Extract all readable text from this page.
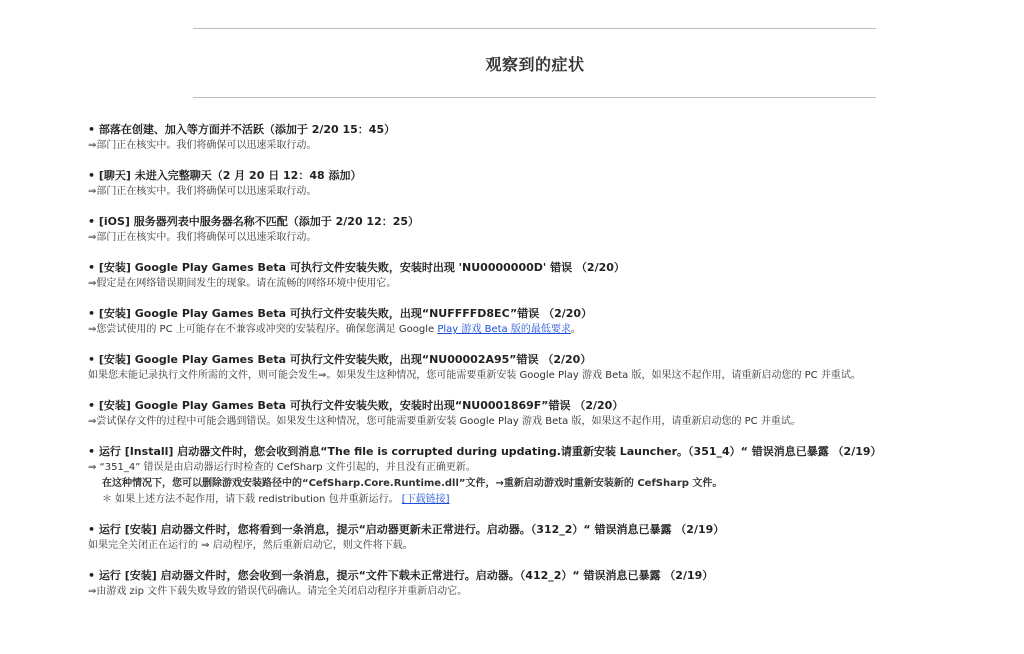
观察到的症状
• 部落在创建、加入等方面并不活跃（添加于 2/20 15：45）
⇒部门正在核实中。我们将确保可以迅速采取行动。
• [聊天] 未进入完整聊天（2 月 20 日 12：48 添加）
⇒部门正在核实中。我们将确保可以迅速采取行动。
• [iOS] 服务器列表中服务器名称不匹配（添加于 2/20 12：25）
⇒部门正在核实中。我们将确保可以迅速采取行动。
• [安装] Google Play Games Beta 可执行文件安装失败，安装时出现 'NU0000000D' 错误 （2/20）
⇒假定是在网络错误期间发生的现象。请在流畅的网络环境中使用它。
• [安装] Google Play Games Beta 可执行文件安装失败，出现“NUFFFFD8EC”错误 （2/20）
⇒您尝试使用的 PC 上可能存在不兼容或冲突的安装程序。确保您满足 Google Play 游戏 Beta 版的最低要求。
• [安装] Google Play Games Beta 可执行文件安装失败，出现“NU00002A95”错误 （2/20）
如果您未能记录执行文件所需的文件，则可能会发生⇒。如果发生这种情况，您可能需要重新安装 Google Play 游戏 Beta 版，如果这不起作用，请重新启动您的 PC 并重试。
• [安装] Google Play Games Beta 可执行文件安装失败，安装时出现“NU0001869F”错误 （2/20）
⇒尝试保存文件的过程中可能会遇到错误。如果发生这种情况，您可能需要重新安装 Google Play 游戏 Beta 版，如果这不起作用，请重新启动您的 PC 并重试。
• 运行 [Install] 启动器文件时，您会收到消息“The file is corrupted during updating.请重新安装 Launcher。（351_4）“ 错误消息已暴露 （2/19）
⇒ “351_4” 错误是由启动器运行时检查的 CefSharp 文件引起的，并且没有正确更新。
在这种情况下，您可以删除游戏安装路径中的“CefSharp.Core.Runtime.dll”文件，→重新启动游戏时重新安装新的 CefSharp 文件。
＊ 如果上述方法不起作用，请下载 redistribution 包并重新运行。 [下载链接]
• 运行 [安装] 启动器文件时，您将看到一条消息，提示“启动器更新未正常进行。启动器。（312_2）“ 错误消息已暴露 （2/19）
如果完全关闭正在运行的 ⇒ 启动程序，然后重新启动它，则文件将下载。
• 运行 [安装] 启动器文件时，您会收到一条消息，提示“文件下载未正常进行。启动器。（412_2）“ 错误消息已暴露 （2/19）
⇒由游戏 zip 文件下载失败导致的错误代码确认。请完全关闭启动程序并重新启动它。
